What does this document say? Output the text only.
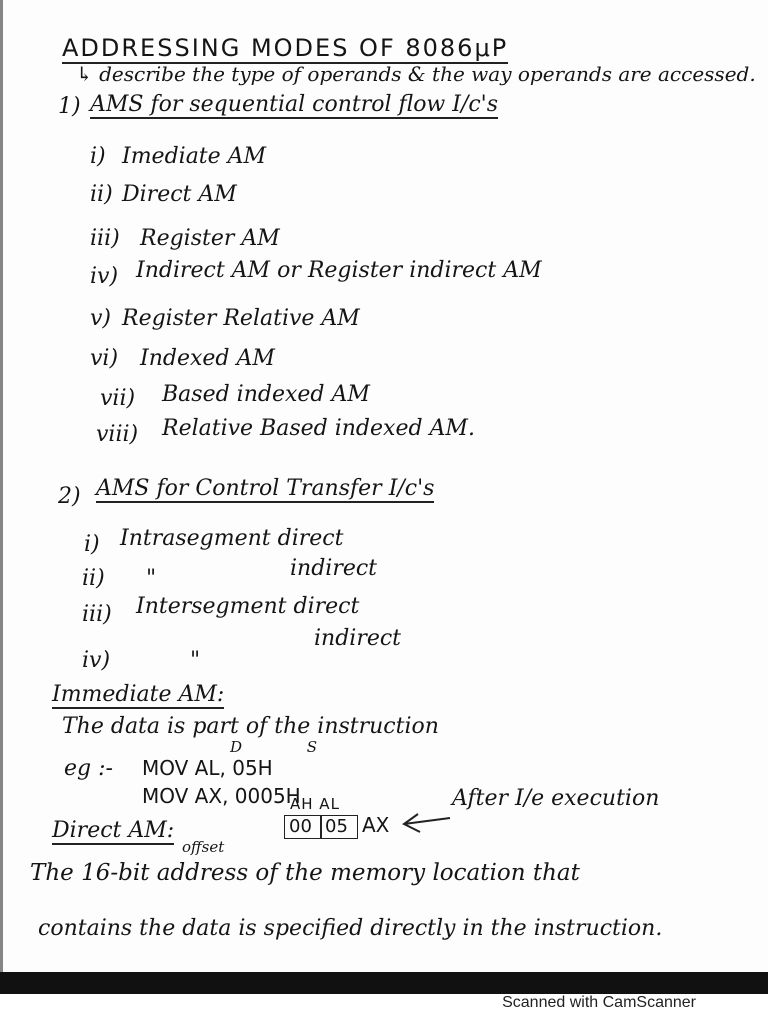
ADDRESSING MODES OF 8086μP
↳ describe the type of operands & the way operands are accessed.
1) AMS for sequential control flow I/c's
i) Imediate AM
ii) Direct AM
iii) Register AM
iv) Indirect AM or Register indirect AM
v) Register Relative AM
vi) Indexed AM
vii) Based indexed AM
viii) Relative Based indexed AM.
2) AMS for Control Transfer I/c's
i) Intrasegment direct
ii) "	indirect
iii) Intersegment direct
iv)	"
indirect
Immediate AM:
The data is part of the instruction
D S
eg :- MOV AL, 05H
MOV AX, 0005H
AH AL
00 05 AX
After I/e execution
Direct AM:
offset
The 16-bit address of the memory location that
contains the data is specified directly in the instruction.
Scanned with CamScanner
